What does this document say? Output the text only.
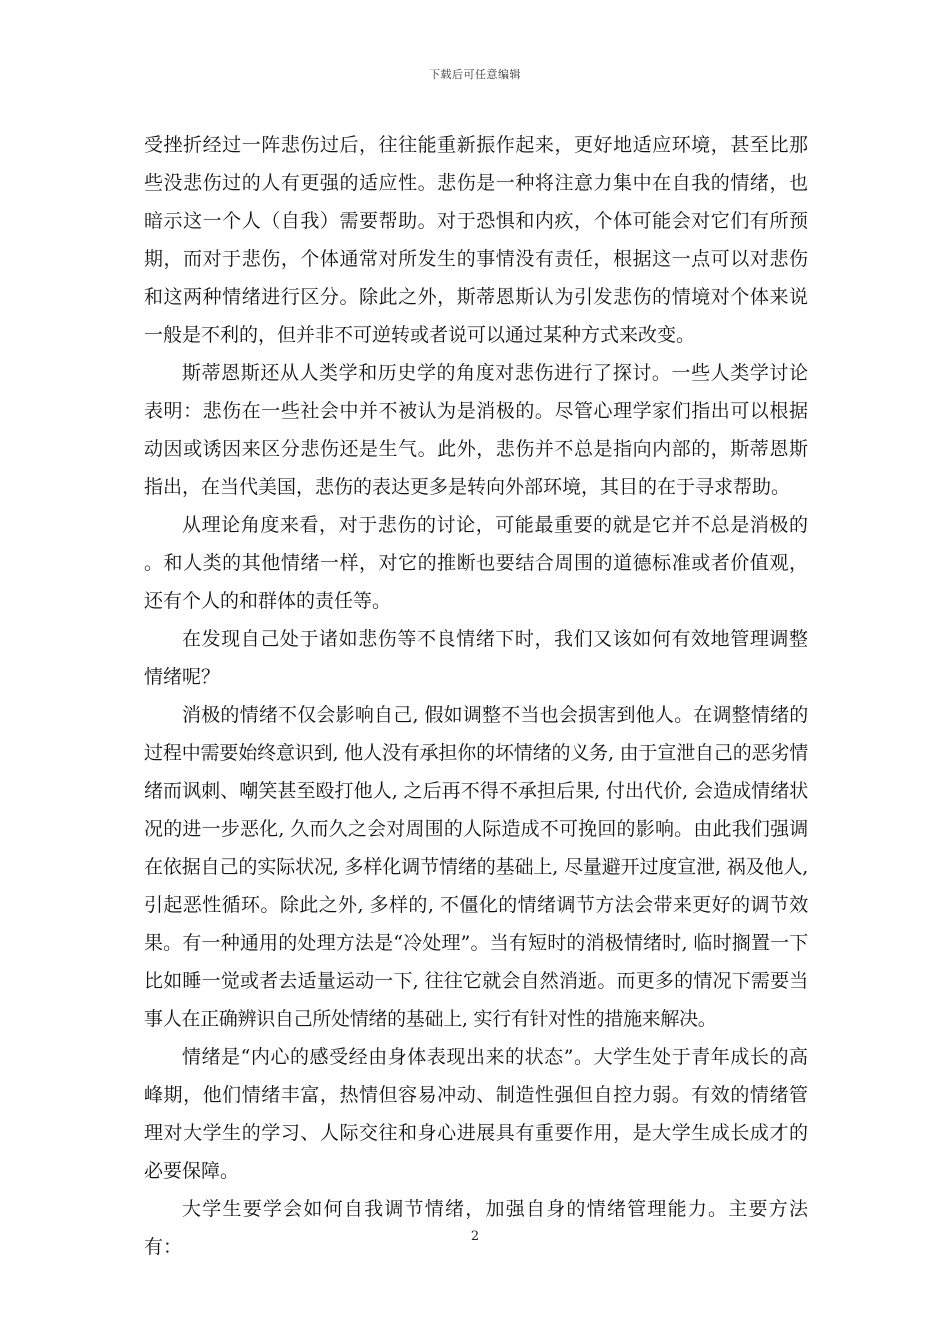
下载后可任意编辑

受挫折经过一阵悲伤过后，往往能重新振作起来，更好地适应环境，甚至比那些没悲伤过的人有更强的适应性。悲伤是一种将注意力集中在自我的情绪，也暗示这一个人（自我）需要帮助。对于恐惧和内疚，个体可能会对它们有所预期，而对于悲伤，个体通常对所发生的事情没有责任，根据这一点可以对悲伤和这两种情绪进行区分。除此之外，斯蒂恩斯认为引发悲伤的情境对个体来说一般是不利的，但并非不可逆转或者说可以通过某种方式来改变。

斯蒂恩斯还从人类学和历史学的角度对悲伤进行了探讨。一些人类学讨论表明：悲伤在一些社会中并不被认为是消极的。尽管心理学家们指出可以根据动因或诱因来区分悲伤还是生气。此外，悲伤并不总是指向内部的，斯蒂恩斯指出，在当代美国，悲伤的表达更多是转向外部环境，其目的在于寻求帮助。

从理论角度来看，对于悲伤的讨论，可能最重要的就是它并不总是消极的 。和人类的其他情绪一样，对它的推断也要结合周围的道德标准或者价值观，还有个人的和群体的责任等。

在发现自己处于诸如悲伤等不良情绪下时，我们又该如何有效地管理调整情绪呢？

消极的情绪不仅会影响自己, 假如调整不当也会损害到他人。在调整情绪的过程中需要始终意识到, 他人没有承担你的坏情绪的义务, 由于宣泄自己的恶劣情绪而讽刺、嘲笑甚至殴打他人, 之后再不得不承担后果, 付出代价, 会造成情绪状况的进一步恶化, 久而久之会对周围的人际造成不可挽回的影响。由此我们强调在依据自己的实际状况, 多样化调节情绪的基础上, 尽量避开过度宣泄, 祸及他人, 引起恶性循环。除此之外, 多样的, 不僵化的情绪调节方法会带来更好的调节效果。有一种通用的处理方法是“冷处理”。当有短时的消极情绪时, 临时搁置一下比如睡一觉或者去适量运动一下, 往往它就会自然消逝。而更多的情况下需要当事人在正确辨识自己所处情绪的基础上, 实行有针对性的措施来解决。

情绪是“内心的感受经由身体表现出来的状态”。大学生处于青年成长的高峰期，他们情绪丰富，热情但容易冲动、制造性强但自控力弱。有效的情绪管理对大学生的学习、人际交往和身心进展具有重要作用，是大学生成长成才的必要保障。

大学生要学会如何自我调节情绪，加强自身的情绪管理能力。主要方法有：	2
